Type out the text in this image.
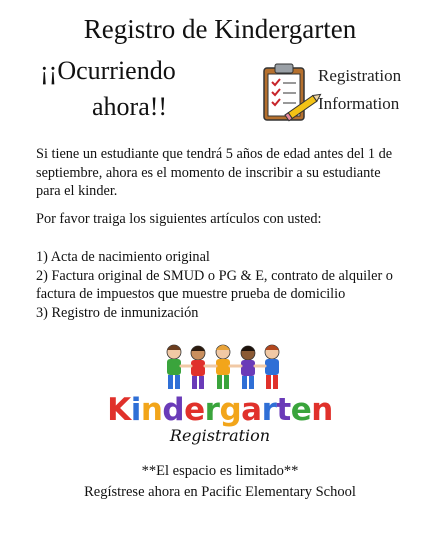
Registro de Kindergarten
¡¡Ocurriendo
ahora!!
Registration
Information
Si tiene un estudiante que tendrá 5 años de edad antes del 1 de septiembre, ahora es el momento de inscribir a su estudiante para el kinder.
Por favor traiga los siguientes artículos con usted:
1) Acta de nacimiento original
2) Factura original de SMUD o PG & E, contrato de alquiler o factura de impuestos que muestre prueba de domicilio
3) Registro de inmunización
Kindergarten
Registration
**El espacio es limitado**
Regístrese ahora en Pacific Elementary School
